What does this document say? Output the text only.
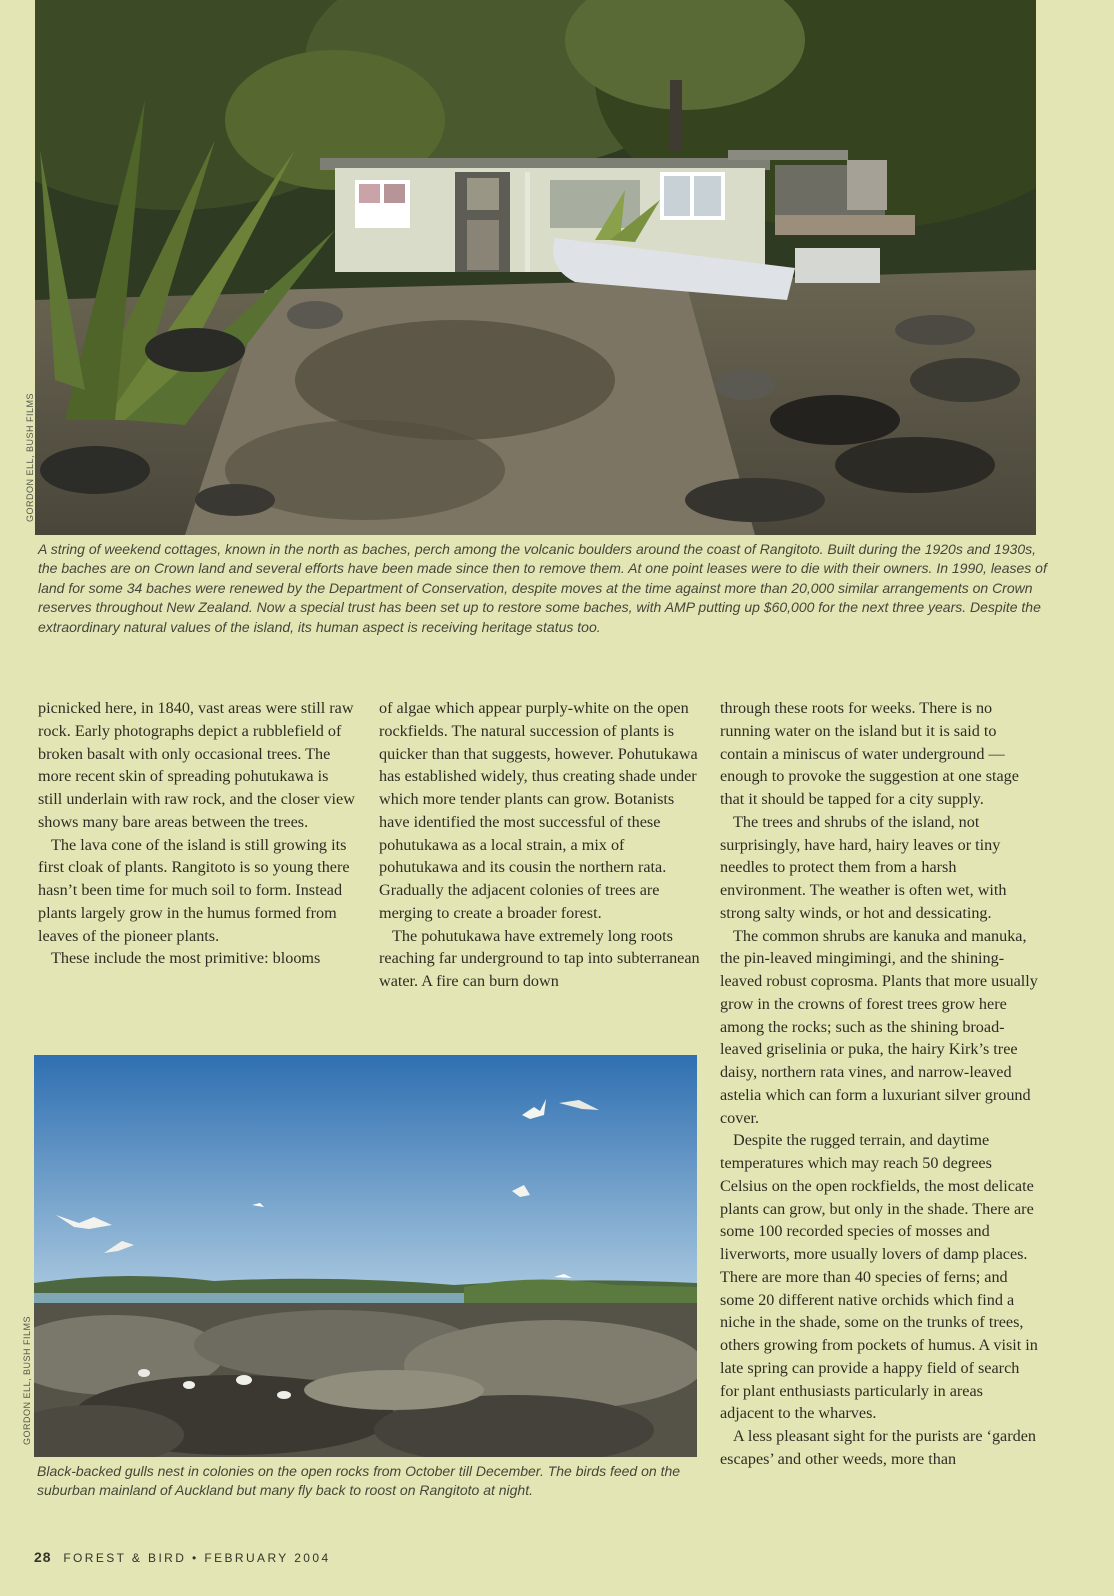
GORDON ELL, BUSH FILMS

A string of weekend cottages, known in the north as baches, perch among the volcanic boulders around the coast of Rangitoto. Built during the 1920s and 1930s, the baches are on Crown land and several efforts have been made since then to remove them. At one point leases were to die with their owners. In 1990, leases of land for some 34 baches were renewed by the Department of Conservation, despite moves at the time against more than 20,000 similar arrangements on Crown reserves throughout New Zealand. Now a special trust has been set up to restore some baches, with AMP putting up $60,000 for the next three years. Despite the extraordinary natural values of the island, its human aspect is receiving heritage status too.

picnicked here, in 1840, vast areas were still raw rock. Early photographs depict a rubblefield of broken basalt with only occasional trees. The more recent skin of spreading pohutukawa is still underlain with raw rock, and the closer view shows many bare areas between the trees.

The lava cone of the island is still growing its first cloak of plants. Rangitoto is so young there hasn’t been time for much soil to form. Instead plants largely grow in the humus formed from leaves of the pioneer plants.

These include the most primitive: blooms

of algae which appear purply-white on the open rockfields. The natural succession of plants is quicker than that suggests, however. Pohutukawa has established widely, thus creating shade under which more tender plants can grow. Botanists have identified the most successful of these pohutukawa as a local strain, a mix of pohutukawa and its cousin the northern rata. Gradually the adjacent colonies of trees are merging to create a broader forest.

The pohutukawa have extremely long roots reaching far underground to tap into subterranean water. A fire can burn down

through these roots for weeks. There is no running water on the island but it is said to contain a miniscus of water underground — enough to provoke the suggestion at one stage that it should be tapped for a city supply.

The trees and shrubs of the island, not surprisingly, have hard, hairy leaves or tiny needles to protect them from a harsh environment. The weather is often wet, with strong salty winds, or hot and dessicating.

The common shrubs are kanuka and manuka, the pin-leaved mingimingi, and the shining-leaved robust coprosma. Plants that more usually grow in the crowns of forest trees grow here among the rocks; such as the shining broad-leaved griselinia or puka, the hairy Kirk’s tree daisy, northern rata vines, and narrow-leaved astelia which can form a luxuriant silver ground cover.

Despite the rugged terrain, and daytime temperatures which may reach 50 degrees Celsius on the open rockfields, the most delicate plants can grow, but only in the shade. There are some 100 recorded species of mosses and liverworts, more usually lovers of damp places. There are more than 40 species of ferns; and some 20 different native orchids which find a niche in the shade, some on the trunks of trees, others growing from pockets of humus. A visit in late spring can provide a happy field of search for plant enthusiasts particularly in areas adjacent to the wharves.

A less pleasant sight for the purists are ‘garden escapes’ and other weeds, more than

GORDON ELL, BUSH FILMS

Black-backed gulls nest in colonies on the open rocks from October till December. The birds feed on the suburban mainland of Auckland but many fly back to roost on Rangitoto at night.

28 FOREST & BIRD • FEBRUARY 2004
